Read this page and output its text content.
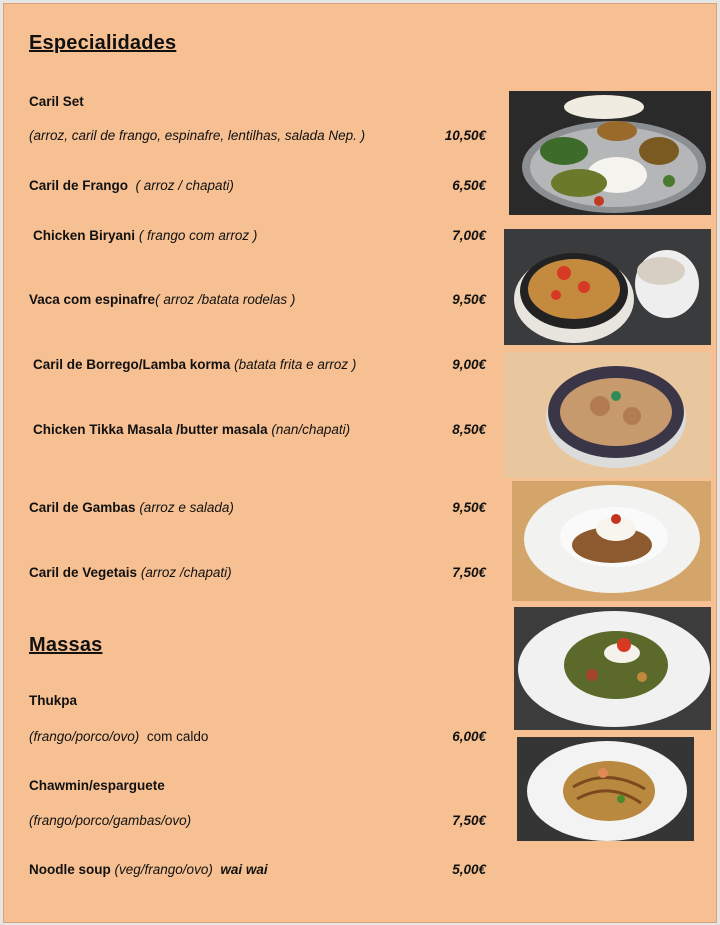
Especialidades
Caril Set
(arroz, caril de frango, espinafre, lentilhas, salada Nep. )	10,50€
Caril de Frango ( arroz / chapati)	6,50€
Chicken Biryani ( frango com arroz )	7,00€
Vaca com espinafre( arroz /batata rodelas )	9,50€
Caril de Borrego/Lamba korma (batata frita e arroz )	9,00€
Chicken Tikka Masala /butter masala (nan/chapati)	8,50€
Caril de Gambas (arroz e salada)	9,50€
Caril de Vegetais (arroz /chapati)	7,50€
Massas
Thukpa
(frango/porco/ovo)  com caldo	6,00€
Chawmin/esparguete
(frango/porco/gambas/ovo)	7,50€
Noodle soup (veg/frango/ovo) wai wai	5,00€
